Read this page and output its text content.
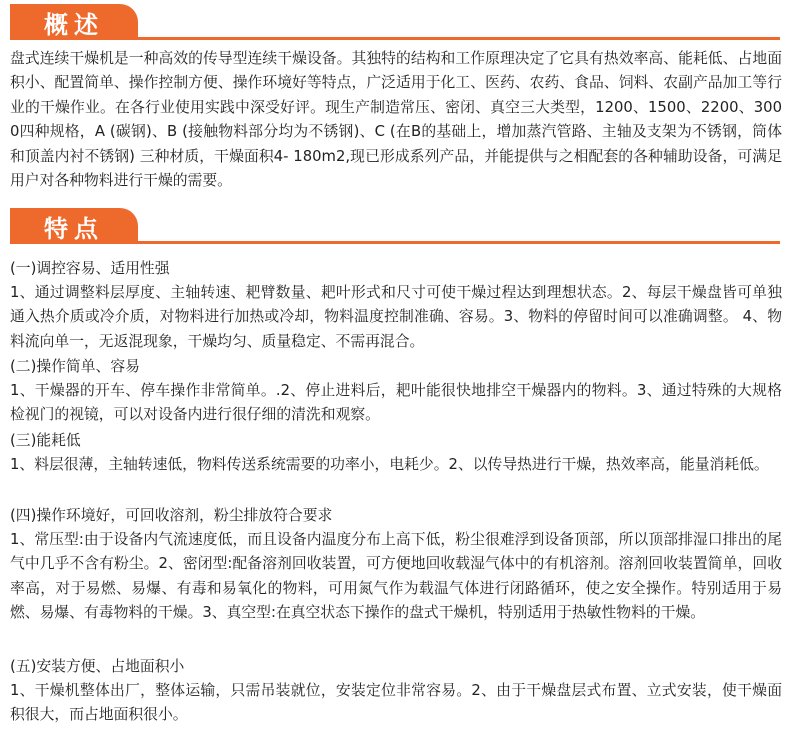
概述

盘式连续干燥机是一种高效的传导型连续干燥设备。其独特的结构和工作原理决定了它具有热效率高、能耗低、占地面积小、配置简单、操作控制方便、操作环境好等特点，广泛适用于化工、医药、农药、食品、饲料、农副产品加工等行业的干燥作业。在各行业使用实践中深受好评。现生产制造常压、密闭、真空三大类型，1200、1500、2200、3000四种规格，A (碳钢)、B (接触物料部分均为不锈钢)、C (在B的基础上，增加蒸汽管路、主轴及支架为不锈钢，筒体和顶盖内衬不锈钢) 三种材质，干燥面积4- 180m2,现已形成系列产品，并能提供与之相配套的各种辅助设备，可满足用户对各种物料进行干燥的需要。

特点

(一)调控容易、适用性强

1、通过调整料层厚度、主轴转速、耙臂数量、耙叶形式和尺寸可使干燥过程达到理想状态。2、每层干燥盘皆可单独通入热介质或冷介质，对物料进行加热或冷却，物料温度控制准确、容易。3、物料的停留时间可以准确调整。 4、物料流向单一，无返混现象，干燥均匀、质量稳定、不需再混合。

(二)操作简单、容易

1、干燥器的开车、停车操作非常简单。.2、停止进料后，耙叶能很快地排空干燥器内的物料。3、通过特殊的大规格检视门的视镜，可以对设备内进行很仔细的清洗和观察。

(三)能耗低

1、料层很薄，主轴转速低，物料传送系统需要的功率小，电耗少。2、以传导热进行干燥，热效率高，能量消耗低。

(四)操作环境好，可回收溶剂，粉尘排放符合要求

1、常压型:由于设备内气流速度低，而且设备内温度分布上高下低，粉尘很难浮到设备顶部，所以顶部排湿口排出的尾气中几乎不含有粉尘。2、密闭型:配备溶剂回收装置，可方便地回收载湿气体中的有机溶剂。溶剂回收装置简单，回收率高，对于易燃、易爆、有毒和易氧化的物料，可用氮气作为载温气体进行闭路循环，使之安全操作。特别适用于易燃、易爆、有毒物料的干燥。3、真空型:在真空状态下操作的盘式干燥机，特别适用于热敏性物料的干燥。

(五)安装方便、占地面积小

1、干燥机整体出厂，整体运输，只需吊装就位，安装定位非常容易。2、由于干燥盘层式布置、立式安装，使干燥面积很大，而占地面积很小。
